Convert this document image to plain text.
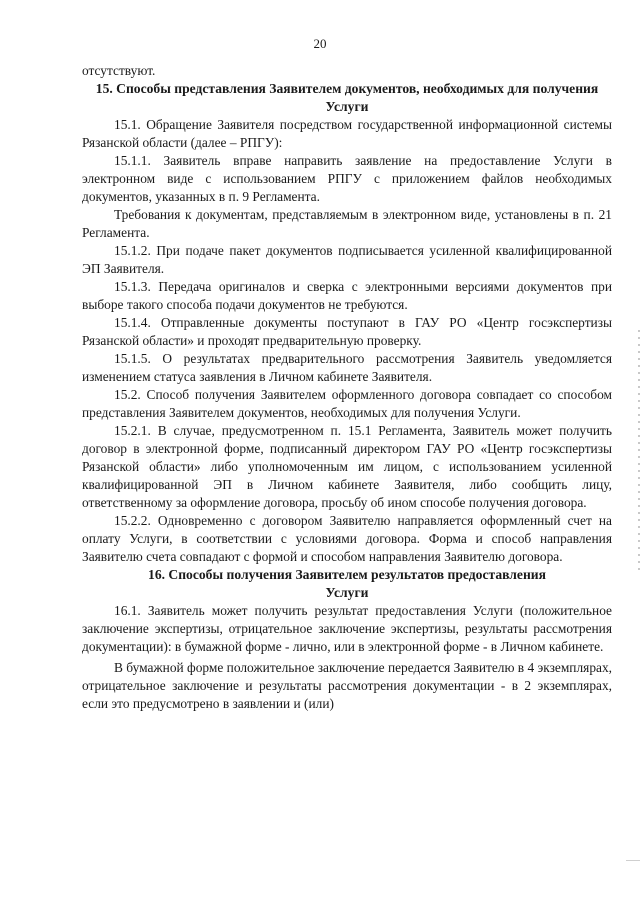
20

отсутствуют.

15. Способы представления Заявителем документов, необходимых для получения Услуги

15.1. Обращение Заявителя посредством государственной информационной системы Рязанской области (далее – РПГУ):

15.1.1. Заявитель вправе направить заявление на предоставление Услуги в электронном виде с использованием РПГУ с приложением файлов необходимых документов, указанных в п. 9 Регламента.

Требования к документам, представляемым в электронном виде, установлены в п. 21 Регламента.

15.1.2. При подаче пакет документов подписывается усиленной квалифицированной ЭП Заявителя.

15.1.3. Передача оригиналов и сверка с электронными версиями документов при выборе такого способа подачи документов не требуются.

15.1.4. Отправленные документы поступают в ГАУ РО «Центр госэкспертизы Рязанской области» и проходят предварительную проверку.

15.1.5. О результатах предварительного рассмотрения Заявитель уведомляется изменением статуса заявления в Личном кабинете Заявителя.

15.2. Способ получения Заявителем оформленного договора совпадает со способом представления Заявителем документов, необходимых для получения Услуги.

15.2.1. В случае, предусмотренном п. 15.1 Регламента, Заявитель может получить договор в электронной форме, подписанный директором ГАУ РО «Центр госэкспертизы Рязанской области» либо уполномоченным им лицом, с использованием усиленной квалифицированной ЭП в Личном кабинете Заявителя, либо сообщить лицу, ответственному за оформление договора, просьбу об ином способе получения договора.

15.2.2. Одновременно с договором Заявителю направляется оформленный счет на оплату Услуги, в соответствии с условиями договора. Форма и способ направления Заявителю счета совпадают с формой и способом направления Заявителю договора.

16. Способы получения Заявителем результатов предоставления Услуги

16.1. Заявитель может получить результат предоставления Услуги (положительное заключение экспертизы, отрицательное заключение экспертизы, результаты рассмотрения документации): в бумажной форме - лично, или в электронной форме - в Личном кабинете.

В бумажной форме положительное заключение передается Заявителю в 4 экземплярах, отрицательное заключение и результаты рассмотрения документации - в 2 экземплярах, если это предусмотрено в заявлении и (или)
